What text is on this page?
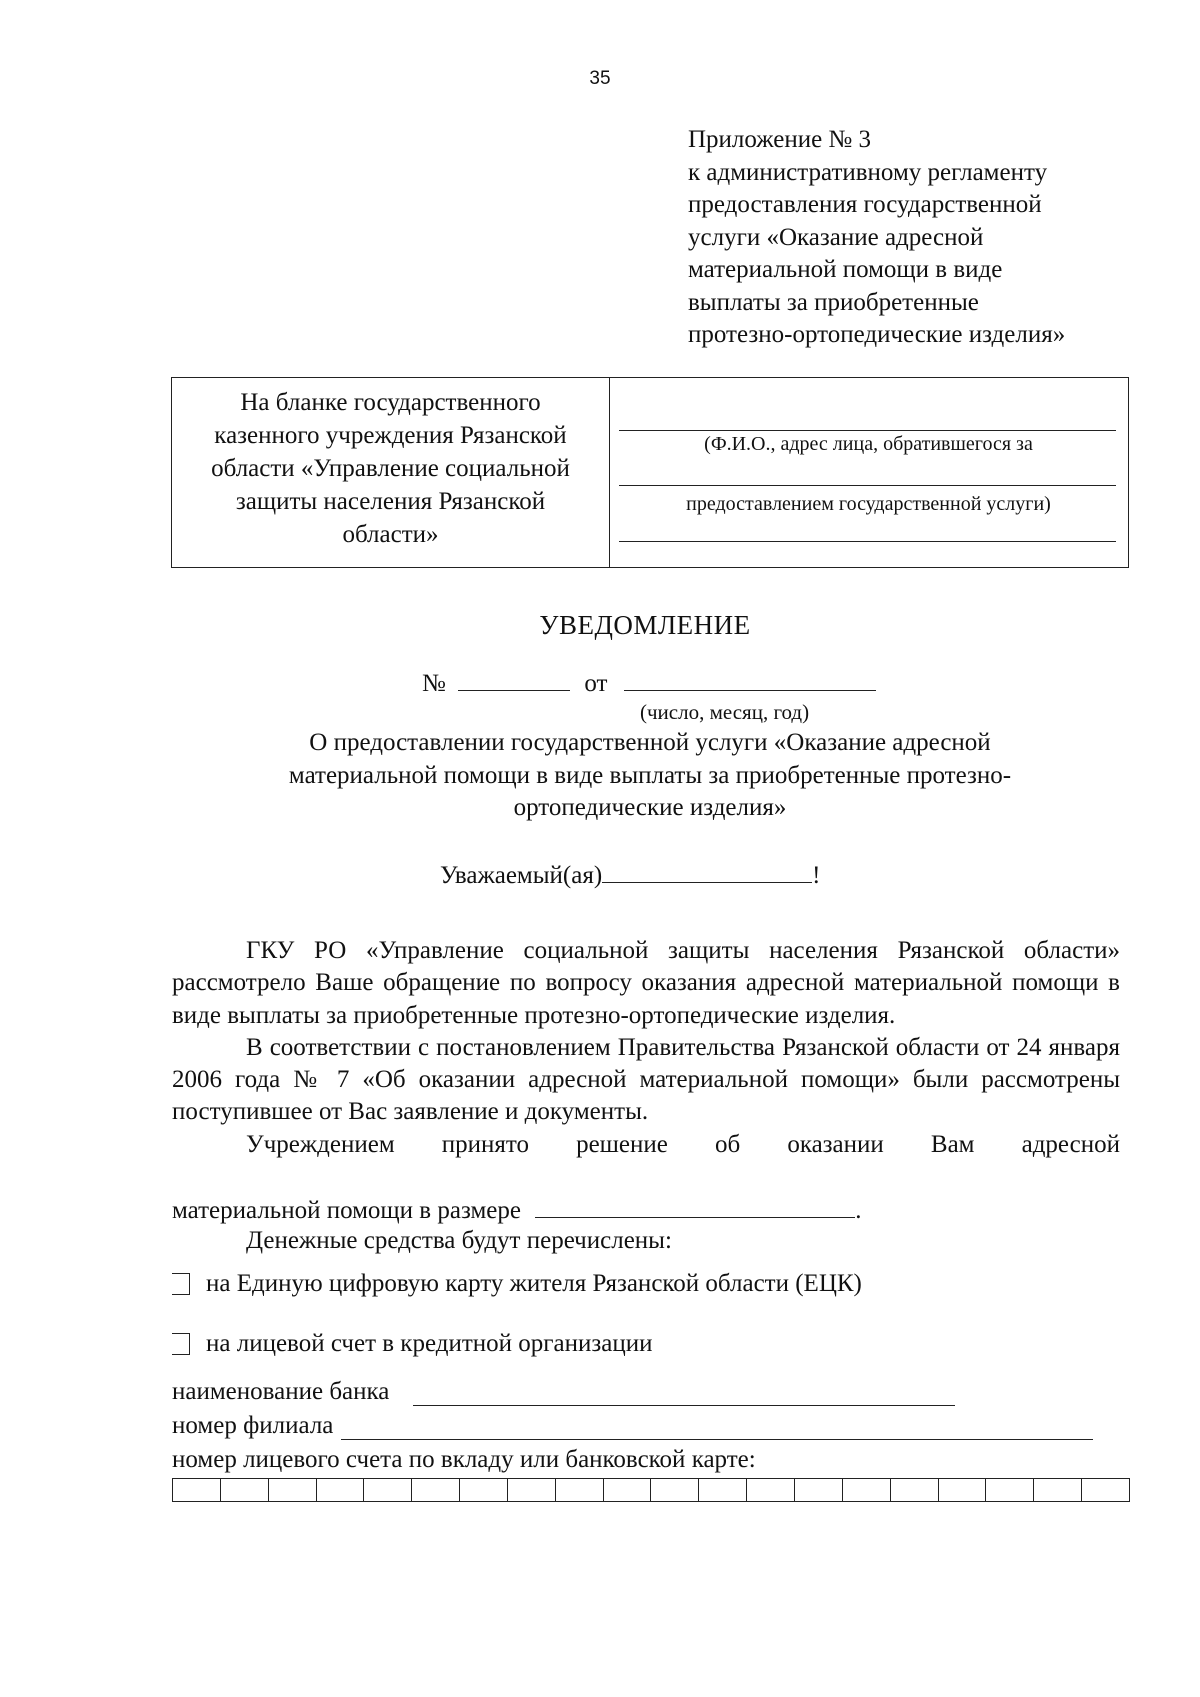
35
Приложение № 3
к административному регламенту
предоставления государственной
услуги «Оказание адресной
материальной помощи в виде
выплаты за приобретенные
протезно-ортопедические изделия»
На бланке государственного
казенного учреждения Рязанской
области «Управление социальной
защиты населения Рязанской
области»
(Ф.И.О., адрес лица, обратившегося за
предоставлением государственной услуги)
УВЕДОМЛЕНИЕ
№	от
(число, месяц, год)
О предоставлении государственной услуги «Оказание адресной
материальной помощи в виде выплаты за приобретенные протезно-
ортопедические изделия»
Уважаемый(ая)	!

ГКУ РО «Управление социальной защиты населения Рязанской области» рассмотрело Ваше обращение по вопросу оказания адресной материальной помощи в виде выплаты за приобретенные протезно-ортопедические изделия.

В соответствии с постановлением Правительства Рязанской области от 24 января 2006 года № 7 «Об оказании адресной материальной помощи» были рассмотрены поступившее от Вас заявление и документы.

Учреждением принято решение об оказании Вам адресной

материальной помощи в размере	.
Денежные средства будут перечислены:
на Единую цифровую карту жителя Рязанской области (ЕЦК)
на лицевой счет в кредитной организации
наименование банка
номер филиала
номер лицевого счета по вкладу или банковской карте:
